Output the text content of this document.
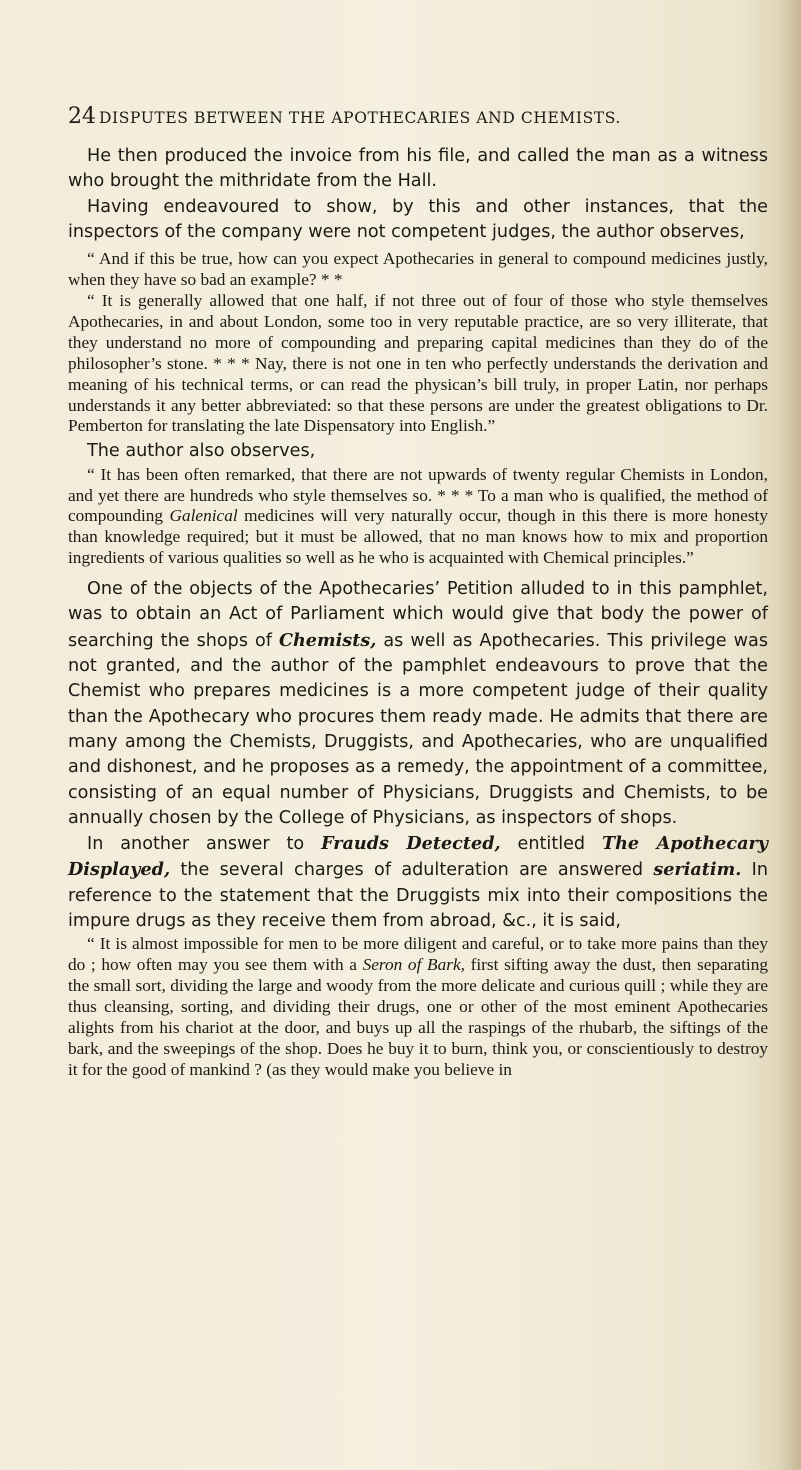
24 DISPUTES BETWEEN THE APOTHECARIES AND CHEMISTS.

He then produced the invoice from his file, and called the man as a witness who brought the mithridate from the Hall.

Having endeavoured to show, by this and other instances, that the inspectors of the company were not competent judges, the author observes,

“ And if this be true, how can you expect Apothecaries in general to compound medicines justly, when they have so bad an example? * *

“ It is generally allowed that one half, if not three out of four of those who style themselves Apothecaries, in and about London, some too in very reputable practice, are so very illiterate, that they understand no more of compounding and preparing capital medicines than they do of the philosopher’s stone. * * * Nay, there is not one in ten who perfectly understands the derivation and meaning of his technical terms, or can read the physican’s bill truly, in proper Latin, nor perhaps understands it any better abbreviated: so that these persons are under the greatest obligations to Dr. Pemberton for translating the late Dispensatory into English.”

The author also observes,

“ It has been often remarked, that there are not upwards of twenty regular Chemists in London, and yet there are hundreds who style themselves so. * * * To a man who is qualified, the method of compounding Galenical medicines will very naturally occur, though in this there is more honesty than knowledge required; but it must be allowed, that no man knows how to mix and proportion ingredients of various qualities so well as he who is acquainted with Chemical principles.”

One of the objects of the Apothecaries’ Petition alluded to in this pamphlet, was to obtain an Act of Parliament which would give that body the power of searching the shops of Chemists, as well as Apothecaries. This privilege was not granted, and the author of the pamphlet endeavours to prove that the Chemist who prepares medicines is a more competent judge of their quality than the Apothecary who procures them ready made. He admits that there are many among the Chemists, Druggists, and Apothecaries, who are unqualified and dishonest, and he proposes as a remedy, the appointment of a committee, consisting of an equal number of Physicians, Druggists and Chemists, to be annually chosen by the College of Physicians, as inspectors of shops.

In another answer to Frauds Detected, entitled The Apothecary Displayed, the several charges of adulteration are answered seriatim. In reference to the statement that the Druggists mix into their compositions the impure drugs as they receive them from abroad, &c., it is said,

“ It is almost impossible for men to be more diligent and careful, or to take more pains than they do ; how often may you see them with a Seron of Bark, first sifting away the dust, then separating the small sort, dividing the large and woody from the more delicate and curious quill ; while they are thus cleansing, sorting, and dividing their drugs, one or other of the most eminent Apothecaries alights from his chariot at the door, and buys up all the raspings of the rhubarb, the siftings of the bark, and the sweepings of the shop. Does he buy it to burn, think you, or conscientiously to destroy it for the good of mankind ? (as they would make you believe in
